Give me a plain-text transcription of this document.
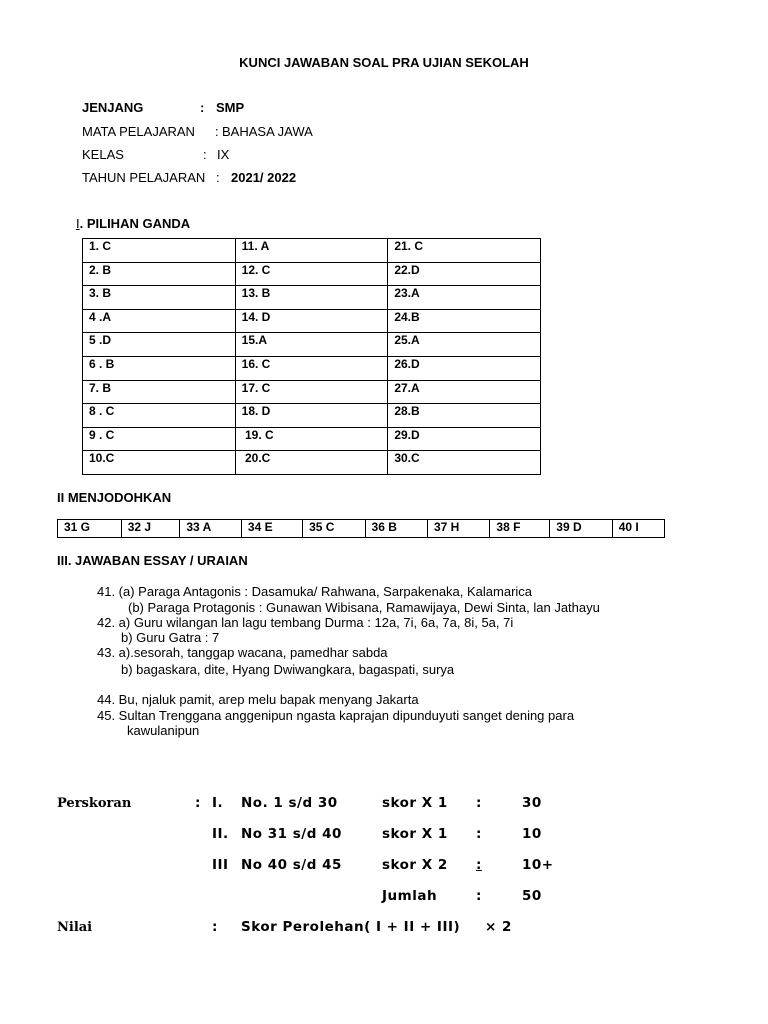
KUNCI JAWABAN SOAL PRA UJIAN SEKOLAH
JENJANG	: SMP
MATA PELAJARAN : BAHASA JAWA
KELAS	: IX
TAHUN PELAJARAN : 2021/ 2022
I. PILIHAN GANDA
1. C	11. A	21. C
2. B	12. C	22.D
3. B	13. B	23.A
4 .A	14. D	24.B
5 .D	15.A	25.A
6 . B	16. C	26.D
7. B	17. C	27.A
8 . C	18. D	28.B
9 . C	19. C	29.D
10.C	20.C	30.C
II MENJODOHKAN
31 G	32 J	33 A	34 E	35 C	36 B	37 H	38 F	39 D	40 I
III. JAWABAN ESSAY / URAIAN
41. (a) Paraga Antagonis : Dasamuka/ Rahwana, Sarpakenaka, Kalamarica
(b) Paraga Protagonis : Gunawan Wibisana, Ramawijaya, Dewi Sinta, lan Jathayu
42. a) Guru wilangan lan lagu tembang Durma : 12a, 7i, 6a, 7a, 8i, 5a, 7i
b) Guru Gatra : 7
43. a).sesorah, tanggap wacana, pamedhar sabda
b) bagaskara, dite, Hyang Dwiwangkara, bagaspati, surya
44. Bu, njaluk pamit, arep melu bapak menyang Jakarta
45. Sultan Trenggana anggenipun ngasta kaprajan dipunduyuti sanget dening para
kawulanipun
Perskoran	: I. No. 1 s/d 30	skor X 1 :	30
II. No 31 s/d 40	skor X 1 :	10
III No 40 s/d 45	skor X 2 :	10+
Jumlah	:	50
Nilai	: Skor Perolehan( I + II + III) × 2
